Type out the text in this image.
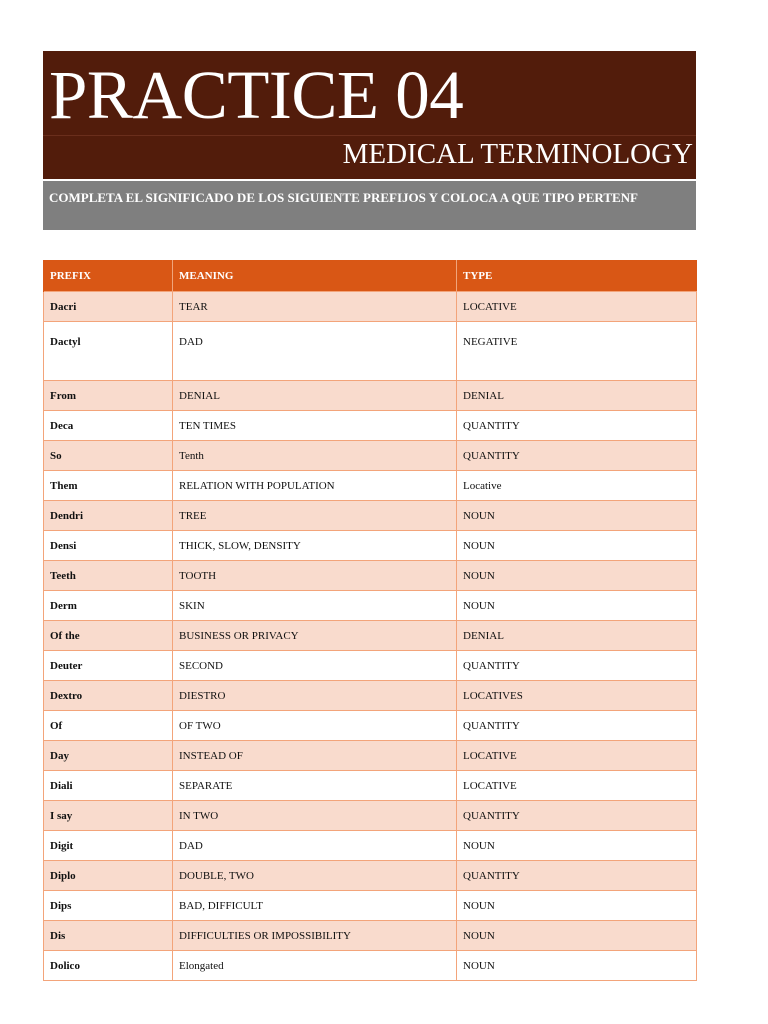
PRACTICE 04
MEDICAL TERMINOLOGY
COMPLETA EL SIGNIFICADO DE LOS SIGUIENTE PREFIJOS Y COLOCA A QUE TIPO PERTENF
PREFIX	MEANING	TYPE
Dacri	TEAR	LOCATIVE
Dactyl	DAD	NEGATIVE
From	DENIAL	DENIAL
Deca	TEN TIMES	QUANTITY
So	Tenth	QUANTITY
Them	RELATION WITH POPULATION	Locative
Dendri	TREE	NOUN
Densi	THICK, SLOW, DENSITY	NOUN
Teeth	TOOTH	NOUN
Derm	SKIN	NOUN
Of the	BUSINESS OR PRIVACY	DENIAL
Deuter	SECOND	QUANTITY
Dextro	DIESTRO	LOCATIVES
Of	OF TWO	QUANTITY
Day	INSTEAD OF	LOCATIVE
Diali	SEPARATE	LOCATIVE
I say	IN TWO	QUANTITY
Digit	DAD	NOUN
Diplo	DOUBLE, TWO	QUANTITY
Dips	BAD, DIFFICULT	NOUN
Dis	DIFFICULTIES OR IMPOSSIBILITY	NOUN
Dolico	Elongated	NOUN
